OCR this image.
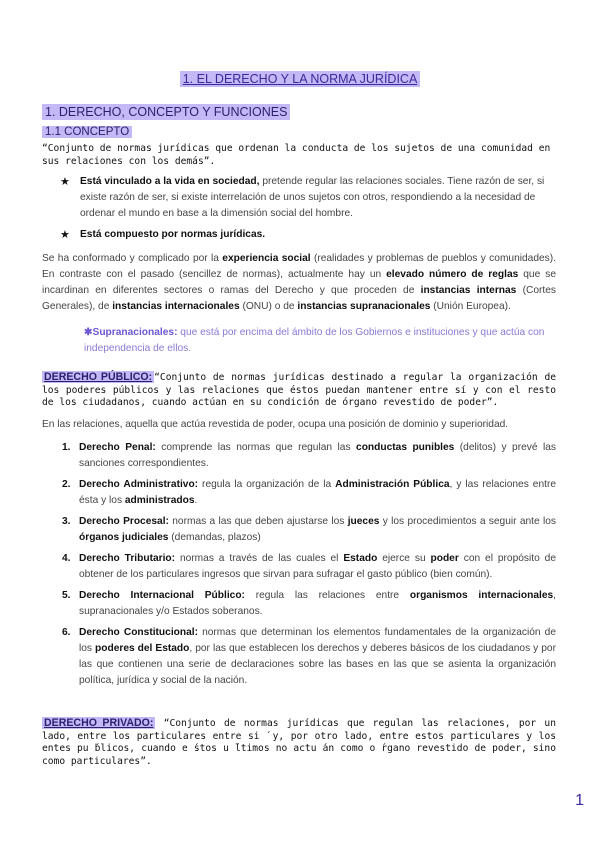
1. EL DERECHO Y LA NORMA JURÍDICA
1. DERECHO, CONCEPTO Y FUNCIONES
1.1 CONCEPTO
“Conjunto de normas jurídicas que ordenan la conducta de los sujetos de una comunidad en sus relaciones con los demás”.
★ Está vinculado a la vida en sociedad, pretende regular las relaciones sociales. Tiene razón de ser, si existe razón de ser, si existe interrelación de unos sujetos con otros, respondiendo a la necesidad de ordenar el mundo en base a la dimensión social del hombre.
★ Está compuesto por normas jurídicas.
Se ha conformado y complicado por la experiencia social (realidades y problemas de pueblos y comunidades). En contraste con el pasado (sencillez de normas), actualmente hay un elevado número de reglas que se incardinan en diferentes sectores o ramas del Derecho y que proceden de instancias internas (Cortes Generales), de instancias internacionales (ONU) o de instancias supranacionales (Unión Europea).
✱Supranacionales: que está por encima del ámbito de los Gobiernos e instituciones y que actúa con independencia de ellos.
DERECHO PÚBLICO: “Conjunto de normas jurídicas destinado a regular la organización de los poderes públicos y las relaciones que éstos puedan mantener entre sí y con el resto de los ciudadanos, cuando actúan en su condición de órgano revestido de poder”.
En las relaciones, aquella que actúa revestida de poder, ocupa una posición de dominio y superioridad.
1. Derecho Penal: comprende las normas que regulan las conductas punibles (delitos) y prevé las sanciones correspondientes.
2. Derecho Administrativo: regula la organización de la Administración Pública, y las relaciones entre ésta y los administrados.
3. Derecho Procesal: normas a las que deben ajustarse los jueces y los procedimientos a seguir ante los órganos judiciales (demandas, plazos)
4. Derecho Tributario: normas a través de las cuales el Estado ejerce su poder con el propósito de obtener de los particulares ingresos que sirvan para sufragar el gasto público (bien común).
5. Derecho Internacional Público: regula las relaciones entre organismos internacionales, supranacionales y/o Estados soberanos.
6. Derecho Constitucional: normas que determinan los elementos fundamentales de la organización de los poderes del Estado, por las que establecen los derechos y deberes básicos de los ciudadanos y por las que contienen una serie de declaraciones sobre las bases en las que se asienta la organización política, jurídica y social de la nación.
DERECHO PRIVADO: “Conjunto de normas jurídicas que regulan las relaciones, por un lado, entre los particulares entre si ́ y, por otro lado, entre estos particulares y los entes pu ́blicos, cuando e ́stos u ́ltimos no actu ́an como o ́rgano revestido de poder, sino como particulares”.
1
